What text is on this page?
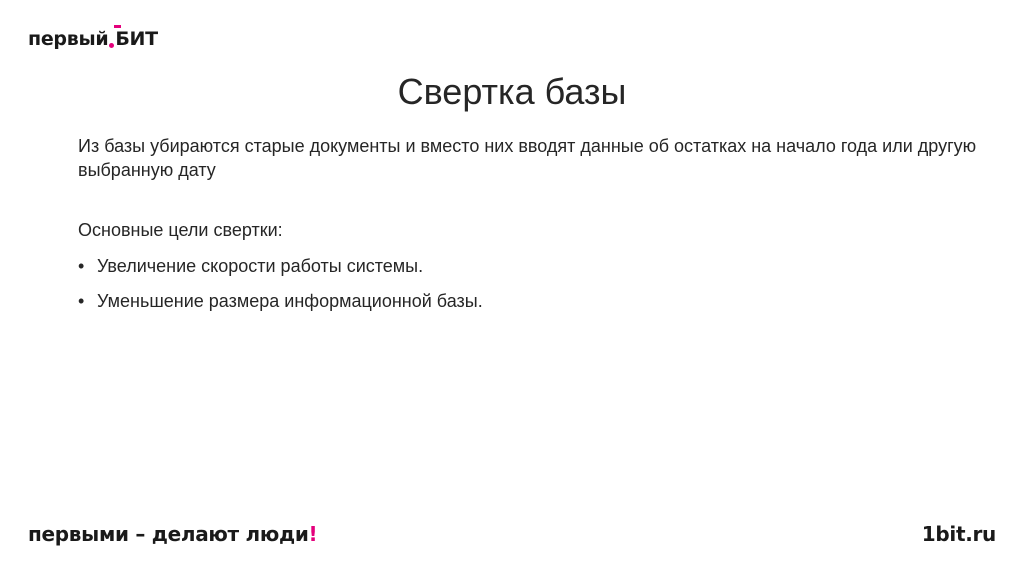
первый БИТ
Свертка базы

Из базы убираются старые документы и вместо них вводят данные об остатках на начало года или другую выбранную дату

Основные цели свертки:

• Увеличение скорости работы системы.
• Уменьшение размера информационной базы.
первыми – делают люди!	1bit.ru
